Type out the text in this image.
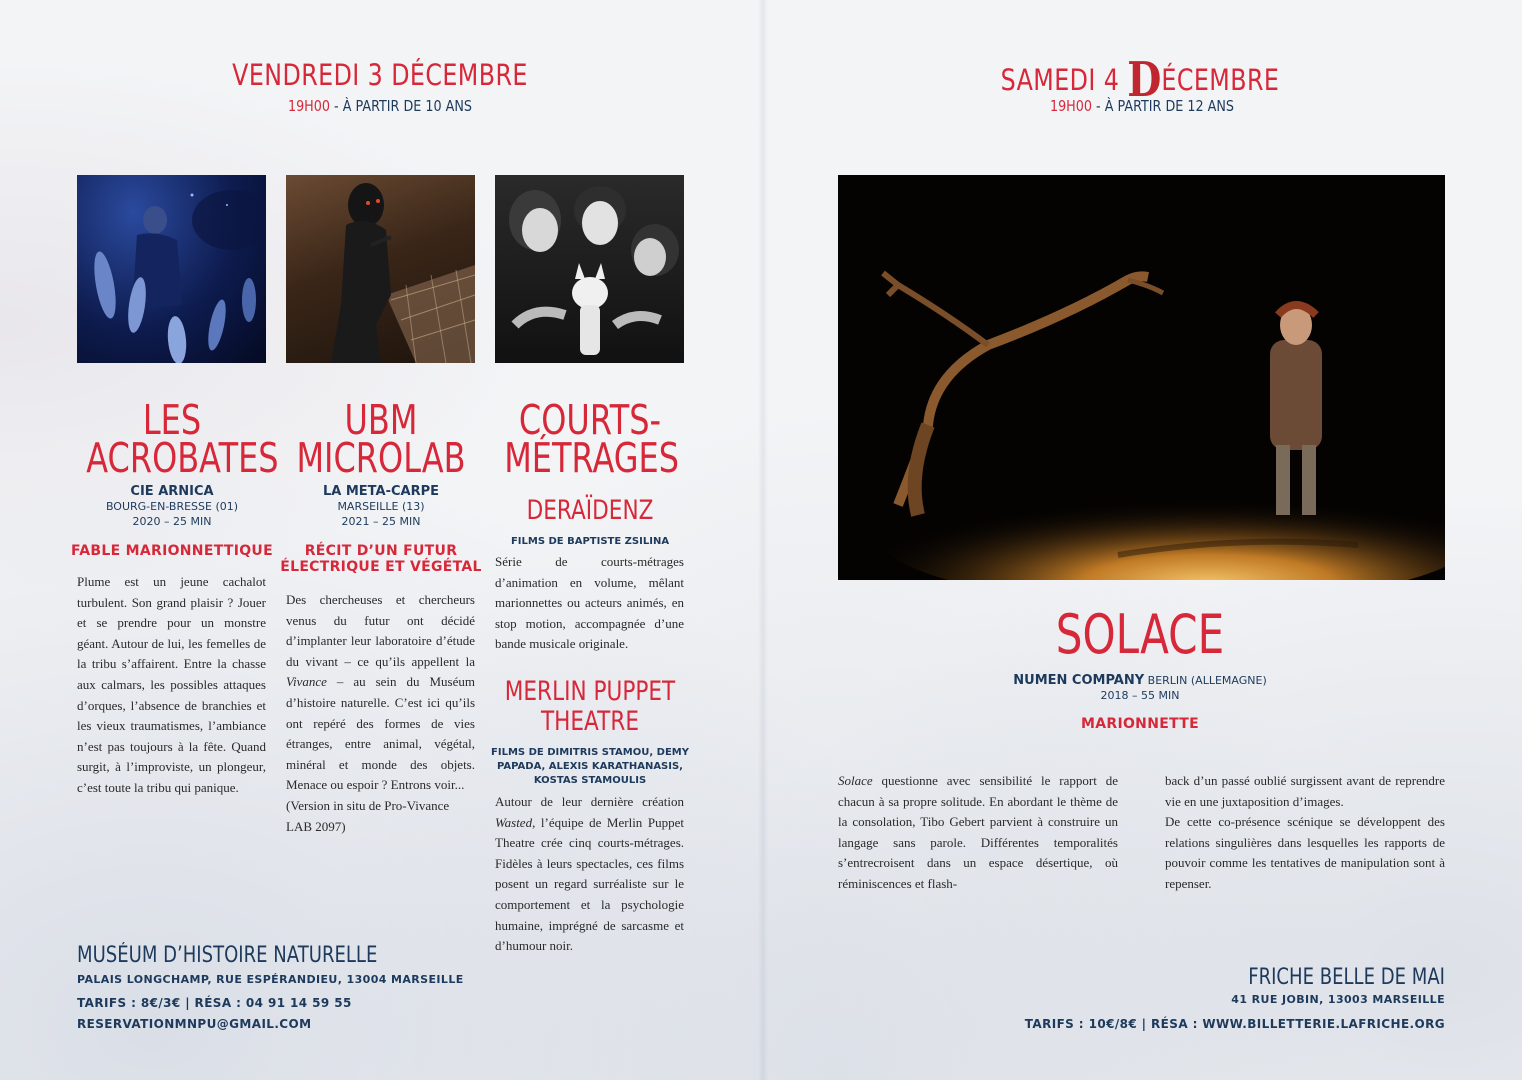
VENDREDI 3 DÉCEMBRE
19H00 - À PARTIR DE 10 ANS
LES
ACROBATES
CIE ARNICA
BOURG-EN-BRESSE (01)
2020 – 25 MIN
FABLE MARIONNETTIQUE
Plume est un jeune cachalot turbulent. Son grand plaisir ? Jouer et se prendre pour un monstre géant. Autour de lui, les femelles de la tribu s’affairent. Entre la chasse aux calmars, les possibles attaques d’orques, l’absence de branchies et les vieux traumatismes, l’ambiance n’est pas toujours à la fête. Quand surgit, à l’improviste, un plongeur, c’est toute la tribu qui panique.
UBM
MICROLAB
LA META-CARPE
MARSEILLE (13)
2021 – 25 MIN
RÉCIT D’UN FUTUR
ÉLECTRIQUE ET VÉGÉTAL

Des chercheuses et chercheurs venus du futur ont décidé d’implanter leur laboratoire d’étude du vivant – ce qu’ils appellent la Vivance – au sein du Muséum d’histoire naturelle. C’est ici qu’ils ont repéré des formes de vies étranges, entre animal, végétal, minéral et monde des objets. Menace ou espoir ? Entrons voir...

(Version in situ de Pro-Vivance LAB 2097)

COURTS-
MÉTRAGES
DERAÏDENZ
FILMS DE BAPTISTE ZSILINA
Série de courts-métrages d’animation en volume, mêlant marionnettes ou acteurs animés, en stop motion, accompagnée d’une bande musicale originale.
MERLIN PUPPET
THEATRE
FILMS DE DIMITRIS STAMOU, DEMY
PAPADA, ALEXIS KARATHANASIS,
KOSTAS STAMOULIS
Autour de leur dernière création Wasted, l’équipe de Merlin Puppet Theatre crée cinq courts-métrages. Fidèles à leurs spectacles, ces films posent un regard surréaliste sur le comportement et la psychologie humaine, imprégné de sarcasme et d’humour noir.
MUSÉUM D’HISTOIRE NATURELLE
PALAIS LONGCHAMP, RUE ESPÉRANDIEU, 13004 MARSEILLE
TARIFS : 8€/3€ | RÉSA : 04 91 14 59 55
RESERVATIONMNPU@GMAIL.COM
SAMEDI 4 DÉCEMBRE
19H00 - À PARTIR DE 12 ANS
SOLACE
NUMEN COMPANY BERLIN (ALLEMAGNE)
2018 – 55 MIN
MARIONNETTE
Solace questionne avec sensibilité le rapport de chacun à sa propre solitude. En abordant le thème de la consolation, Tibo Gebert parvient à construire un langage sans parole. Différentes temporalités s’entrecroisent dans un espace désertique, où réminiscences et flash-

back d’un passé oublié surgissent avant de reprendre vie en une juxtaposition d’images.

De cette co-présence scénique se développent des relations singulières dans lesquelles les rapports de pouvoir comme les tentatives de manipulation sont à repenser.

FRICHE BELLE DE MAI
41 RUE JOBIN, 13003 MARSEILLE
TARIFS : 10€/8€ | RÉSA : WWW.BILLETTERIE.LAFRICHE.ORG
